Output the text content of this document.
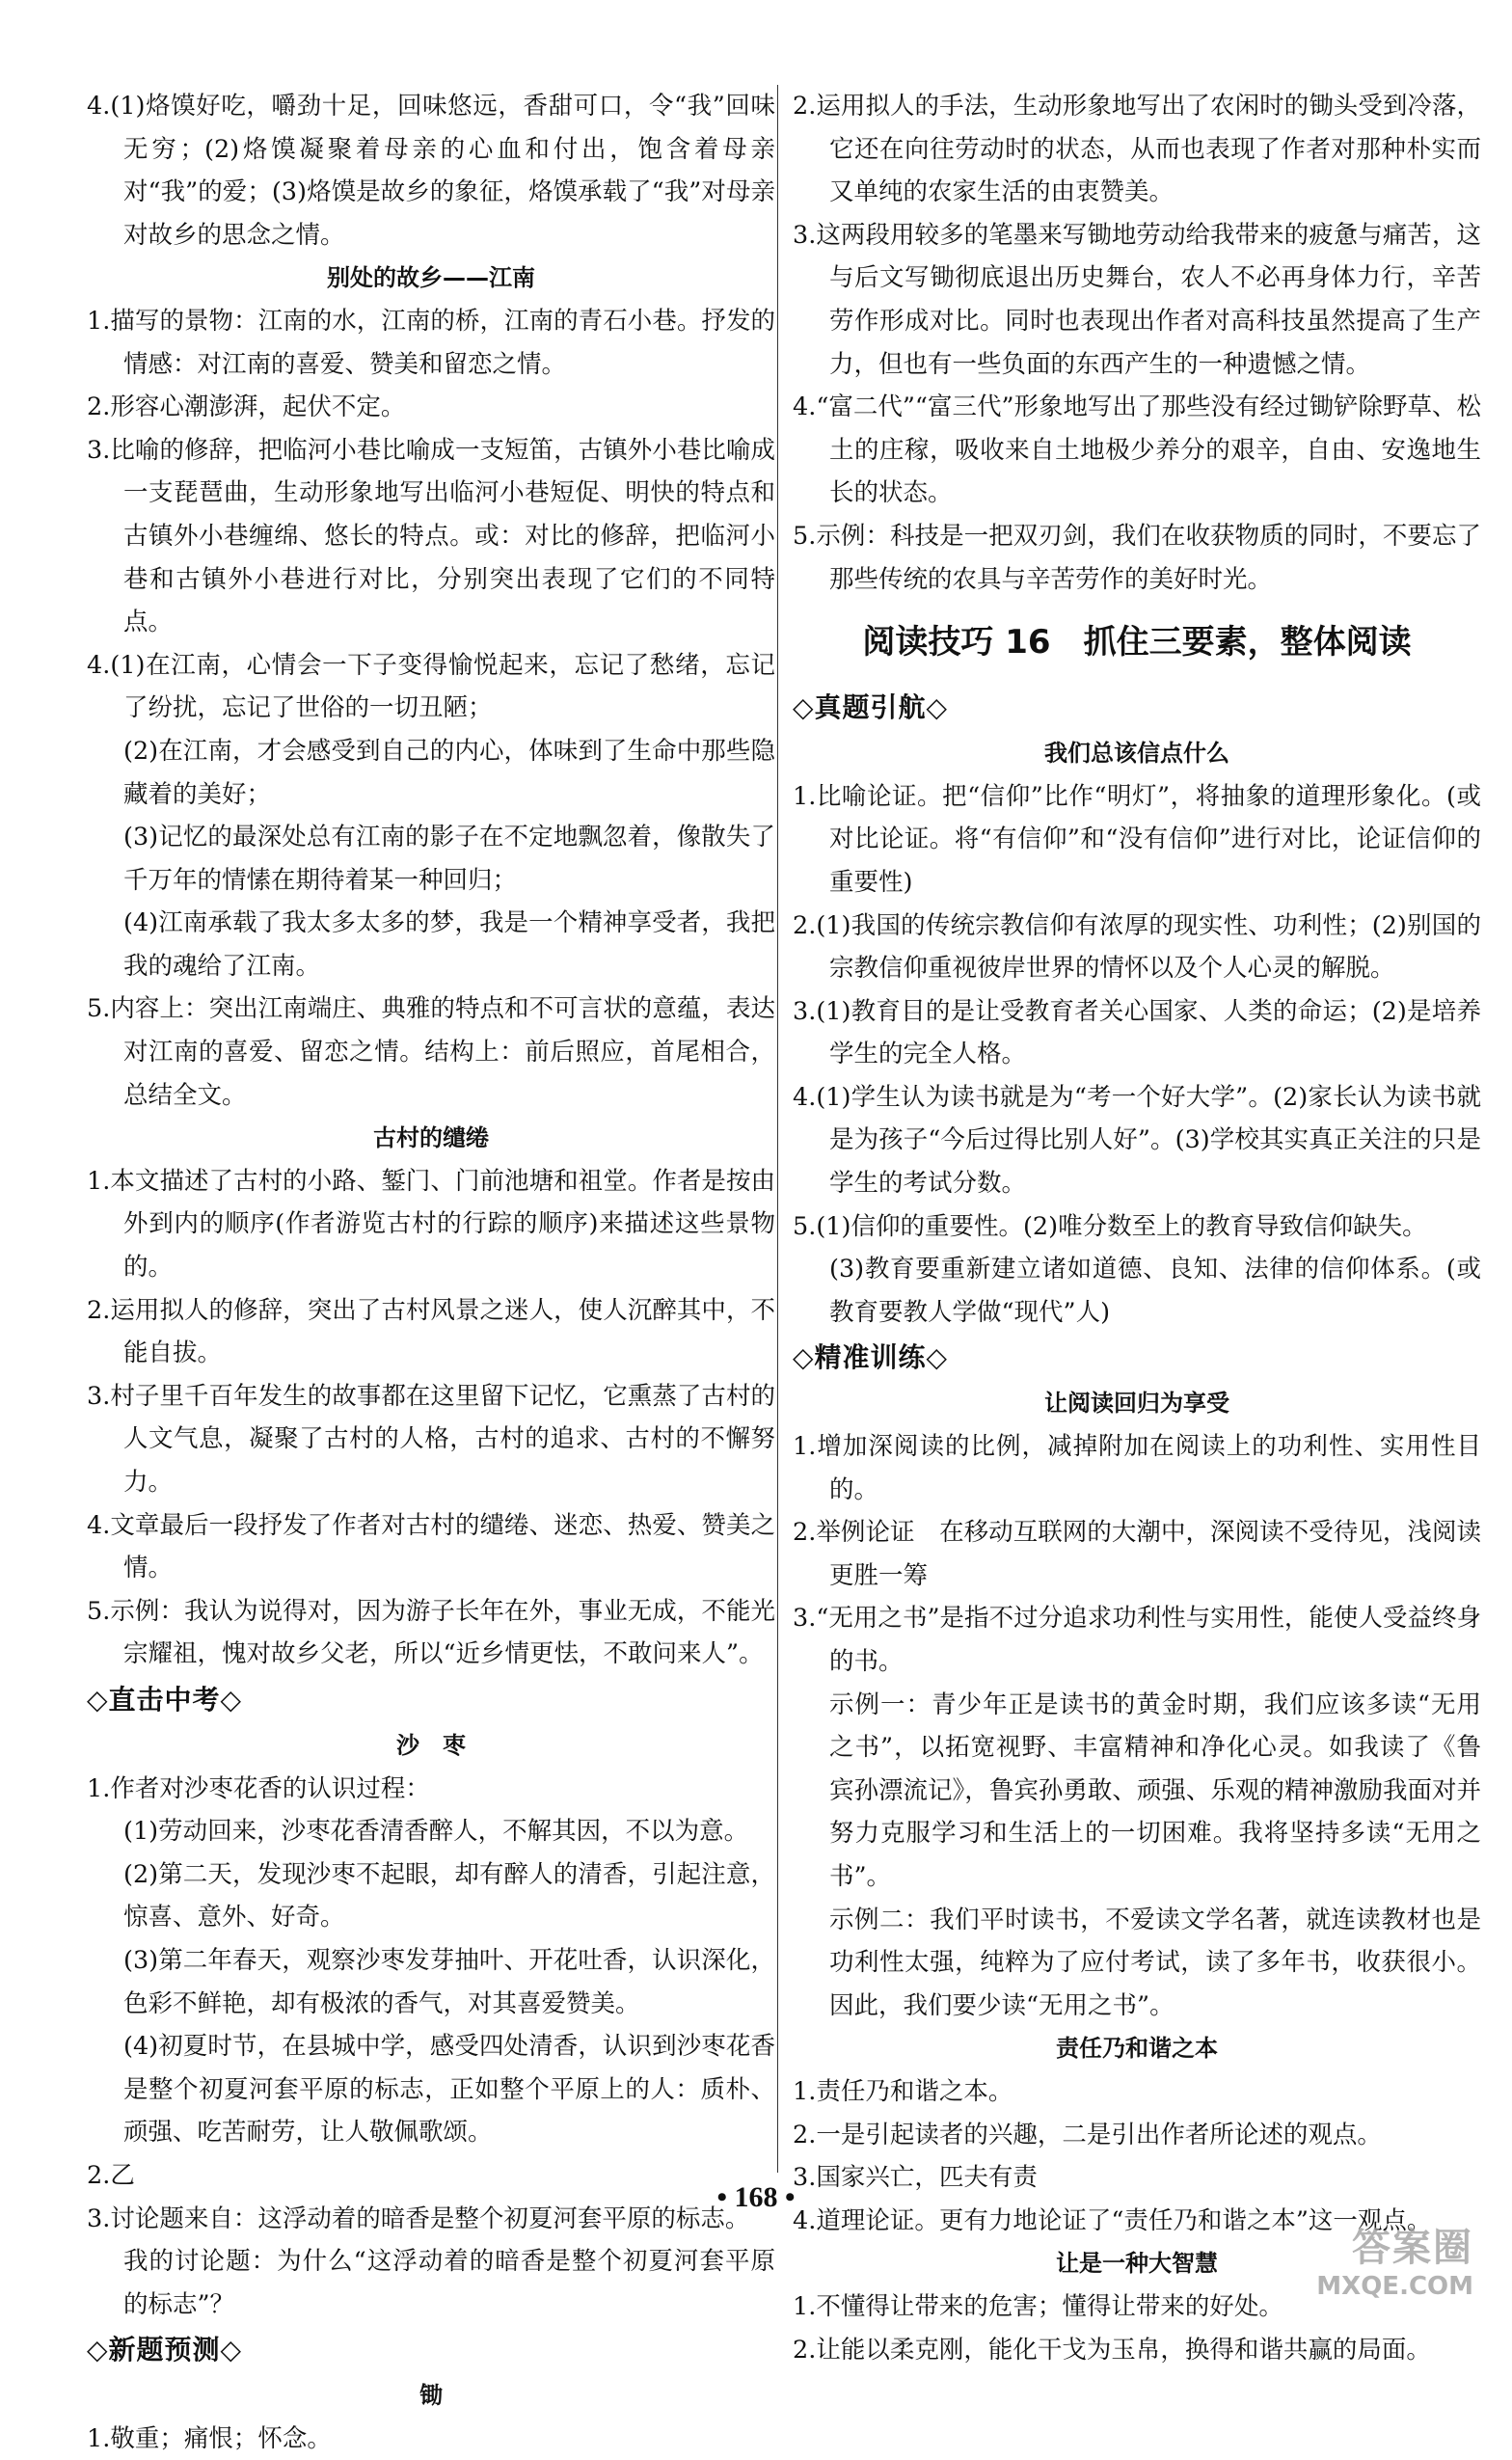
4.(1)烙馍好吃，嚼劲十足，回味悠远，香甜可口，令“我”回味无穷；(2)烙馍凝聚着母亲的心血和付出，饱含着母亲对“我”的爱；(3)烙馍是故乡的象征，烙馍承载了“我”对母亲对故乡的思念之情。

别处的故乡——江南

1.描写的景物：江南的水，江南的桥，江南的青石小巷。抒发的情感：对江南的喜爱、赞美和留恋之情。

2.形容心潮澎湃，起伏不定。

3.比喻的修辞，把临河小巷比喻成一支短笛，古镇外小巷比喻成一支琵琶曲，生动形象地写出临河小巷短促、明快的特点和古镇外小巷缠绵、悠长的特点。或：对比的修辞，把临河小巷和古镇外小巷进行对比，分别突出表现了它们的不同特点。

4.(1)在江南，心情会一下子变得愉悦起来，忘记了愁绪，忘记了纷扰，忘记了世俗的一切丑陋；

(2)在江南，才会感受到自己的内心，体味到了生命中那些隐藏着的美好；

(3)记忆的最深处总有江南的影子在不定地飘忽着，像散失了千万年的情愫在期待着某一种回归；

(4)江南承载了我太多太多的梦，我是一个精神享受者，我把我的魂给了江南。

5.内容上：突出江南端庄、典雅的特点和不可言状的意蕴，表达对江南的喜爱、留恋之情。结构上：前后照应，首尾相合，总结全文。

古村的缱绻

1.本文描述了古村的小路、錾门、门前池塘和祖堂。作者是按由外到内的顺序(作者游览古村的行踪的顺序)来描述这些景物的。

2.运用拟人的修辞，突出了古村风景之迷人，使人沉醉其中，不能自拔。

3.村子里千百年发生的故事都在这里留下记忆，它熏蒸了古村的人文气息，凝聚了古村的人格，古村的追求、古村的不懈努力。

4.文章最后一段抒发了作者对古村的缱绻、迷恋、热爱、赞美之情。

5.示例：我认为说得对，因为游子长年在外，事业无成，不能光宗耀祖，愧对故乡父老，所以“近乡情更怯，不敢问来人”。

◇直击中考◇

沙　枣

1.作者对沙枣花香的认识过程：

(1)劳动回来，沙枣花香清香醉人，不解其因，不以为意。

(2)第二天，发现沙枣不起眼，却有醉人的清香，引起注意，惊喜、意外、好奇。

(3)第二年春天，观察沙枣发芽抽叶、开花吐香，认识深化，色彩不鲜艳，却有极浓的香气，对其喜爱赞美。

(4)初夏时节，在县城中学，感受四处清香，认识到沙枣花香是整个初夏河套平原的标志，正如整个平原上的人：质朴、顽强、吃苦耐劳，让人敬佩歌颂。

2.乙

3.讨论题来自：这浮动着的暗香是整个初夏河套平原的标志。

我的讨论题：为什么“这浮动着的暗香是整个初夏河套平原的标志”？

◇新题预测◇

锄

1.敬重；痛恨；怀念。

2.运用拟人的手法，生动形象地写出了农闲时的锄头受到冷落，它还在向往劳动时的状态，从而也表现了作者对那种朴实而又单纯的农家生活的由衷赞美。

3.这两段用较多的笔墨来写锄地劳动给我带来的疲惫与痛苦，这与后文写锄彻底退出历史舞台，农人不必再身体力行，辛苦劳作形成对比。同时也表现出作者对高科技虽然提高了生产力，但也有一些负面的东西产生的一种遗憾之情。

4.“富二代”“富三代”形象地写出了那些没有经过锄铲除野草、松土的庄稼，吸收来自土地极少养分的艰辛，自由、安逸地生长的状态。

5.示例：科技是一把双刃剑，我们在收获物质的同时，不要忘了那些传统的农具与辛苦劳作的美好时光。

阅读技巧 16　抓住三要素，整体阅读

◇真题引航◇

我们总该信点什么

1.比喻论证。把“信仰”比作“明灯”，将抽象的道理形象化。(或对比论证。将“有信仰”和“没有信仰”进行对比，论证信仰的重要性)

2.(1)我国的传统宗教信仰有浓厚的现实性、功利性；(2)别国的宗教信仰重视彼岸世界的情怀以及个人心灵的解脱。

3.(1)教育目的是让受教育者关心国家、人类的命运；(2)是培养学生的完全人格。

4.(1)学生认为读书就是为“考一个好大学”。(2)家长认为读书就是为孩子“今后过得比别人好”。(3)学校其实真正关注的只是学生的考试分数。

5.(1)信仰的重要性。(2)唯分数至上的教育导致信仰缺失。

(3)教育要重新建立诸如道德、良知、法律的信仰体系。(或教育要教人学做“现代”人)

◇精准训练◇

让阅读回归为享受

1.增加深阅读的比例，减掉附加在阅读上的功利性、实用性目的。

2.举例论证　在移动互联网的大潮中，深阅读不受待见，浅阅读更胜一筹

3.“无用之书”是指不过分追求功利性与实用性，能使人受益终身的书。

示例一：青少年正是读书的黄金时期，我们应该多读“无用之书”，以拓宽视野、丰富精神和净化心灵。如我读了《鲁宾孙漂流记》，鲁宾孙勇敢、顽强、乐观的精神激励我面对并努力克服学习和生活上的一切困难。我将坚持多读“无用之书”。

示例二：我们平时读书，不爱读文学名著，就连读教材也是功利性太强，纯粹为了应付考试，读了多年书，收获很小。因此，我们要少读“无用之书”。

责任乃和谐之本

1.责任乃和谐之本。

2.一是引起读者的兴趣，二是引出作者所论述的观点。

3.国家兴亡，匹夫有责

4.道理论证。更有力地论证了“责任乃和谐之本”这一观点。

让是一种大智慧

1.不懂得让带来的危害；懂得让带来的好处。

2.让能以柔克刚，能化干戈为玉帛，换得和谐共赢的局面。

• 168 •
答案圈
MXQE.COM
